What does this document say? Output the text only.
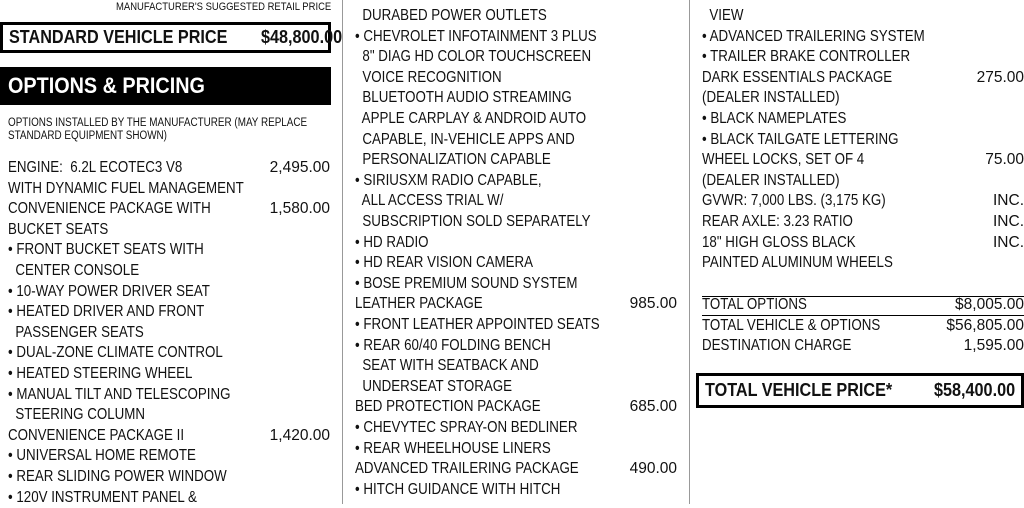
MANUFACTURER'S SUGGESTED RETAIL PRICE
STANDARD VEHICLE PRICE $48,800.00
OPTIONS & PRICING
OPTIONS INSTALLED BY THE MANUFACTURER (MAY REPLACE STANDARD EQUIPMENT SHOWN)
ENGINE:  6.2L ECOTEC3 V8	2,495.00
WITH DYNAMIC FUEL MANAGEMENT
CONVENIENCE PACKAGE WITH	1,580.00
BUCKET SEATS
• FRONT BUCKET SEATS WITH
CENTER CONSOLE
• 10-WAY POWER DRIVER SEAT
• HEATED DRIVER AND FRONT
PASSENGER SEATS
• DUAL-ZONE CLIMATE CONTROL
• HEATED STEERING WHEEL
• MANUAL TILT AND TELESCOPING
STEERING COLUMN
CONVENIENCE PACKAGE II	1,420.00
• UNIVERSAL HOME REMOTE
• REAR SLIDING POWER WINDOW
• 120V INSTRUMENT PANEL &
DURABED POWER OUTLETS
• CHEVROLET INFOTAINMENT 3 PLUS
8" DIAG HD COLOR TOUCHSCREEN
VOICE RECOGNITION
BLUETOOTH AUDIO STREAMING
APPLE CARPLAY & ANDROID AUTO
CAPABLE, IN-VEHICLE APPS AND
PERSONALIZATION CAPABLE
• SIRIUSXM RADIO CAPABLE,
ALL ACCESS TRIAL W/
SUBSCRIPTION SOLD SEPARATELY
• HD RADIO
• HD REAR VISION CAMERA
• BOSE PREMIUM SOUND SYSTEM
LEATHER PACKAGE	985.00
• FRONT LEATHER APPOINTED SEATS
• REAR 60/40 FOLDING BENCH
SEAT WITH SEATBACK AND
UNDERSEAT STORAGE
BED PROTECTION PACKAGE	685.00
• CHEVYTEC SPRAY-ON BEDLINER
• REAR WHEELHOUSE LINERS
ADVANCED TRAILERING PACKAGE	490.00
• HITCH GUIDANCE WITH HITCH
VIEW
• ADVANCED TRAILERING SYSTEM
• TRAILER BRAKE CONTROLLER
DARK ESSENTIALS PACKAGE	275.00
(DEALER INSTALLED)
• BLACK NAMEPLATES
• BLACK TAILGATE LETTERING
WHEEL LOCKS, SET OF 4	75.00
(DEALER INSTALLED)
GVWR: 7,000 LBS. (3,175 KG)	INC.
REAR AXLE: 3.23 RATIO	INC.
18" HIGH GLOSS BLACK	INC.
PAINTED ALUMINUM WHEELS
TOTAL OPTIONS	$8,005.00
TOTAL VEHICLE & OPTIONS	$56,805.00
DESTINATION CHARGE	1,595.00
TOTAL VEHICLE PRICE* $58,400.00
